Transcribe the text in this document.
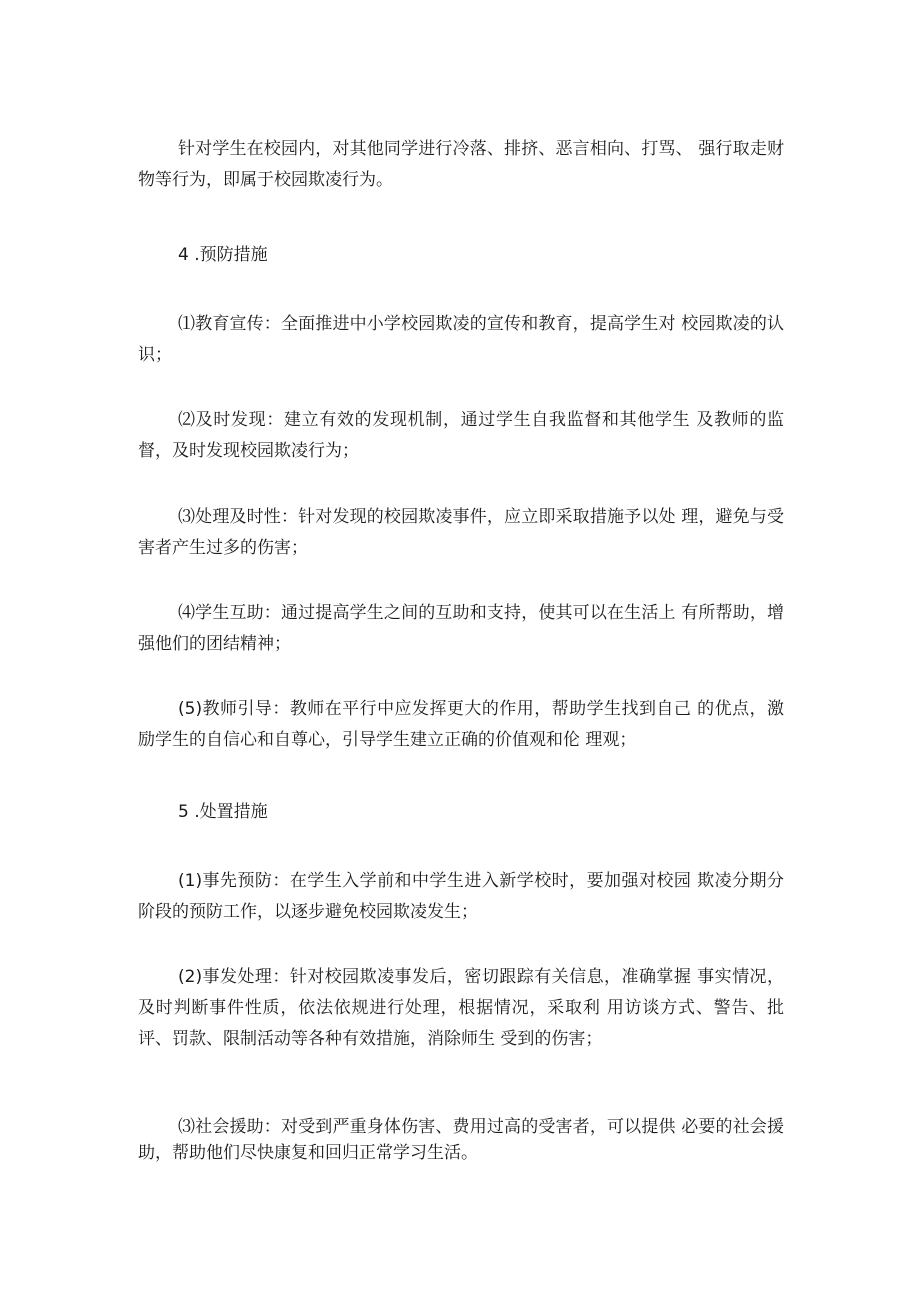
针对学生在校园内，对其他同学进行冷落、排挤、恶言相向、打骂、 强行取走财物等行为，即属于校园欺凌行为。

4 .预防措施

⑴教育宣传：全面推进中小学校园欺凌的宣传和教育，提高学生对 校园欺凌的认识；

⑵及时发现：建立有效的发现机制，通过学生自我监督和其他学生 及教师的监督，及时发现校园欺凌行为；

⑶处理及时性：针对发现的校园欺凌事件，应立即采取措施予以处 理，避免与受害者产生过多的伤害；

⑷学生互助：通过提高学生之间的互助和支持，使其可以在生活上 有所帮助，增强他们的团结精神；

(5)教师引导：教师在平行中应发挥更大的作用，帮助学生找到自己 的优点，激励学生的自信心和自尊心，引导学生建立正确的价值观和伦 理观；

5 .处置措施

(1)事先预防：在学生入学前和中学生进入新学校时，要加强对校园 欺凌分期分阶段的预防工作，以逐步避免校园欺凌发生；

(2)事发处理：针对校园欺凌事发后，密切跟踪有关信息，准确掌握 事实情况，及时判断事件性质，依法依规进行处理，根据情况，采取利 用访谈方式、警告、批评、罚款、限制活动等各种有效措施，消除师生 受到的伤害；

⑶社会援助：对受到严重身体伤害、费用过高的受害者，可以提供 必要的社会援助，帮助他们尽快康复和回归正常学习生活。
